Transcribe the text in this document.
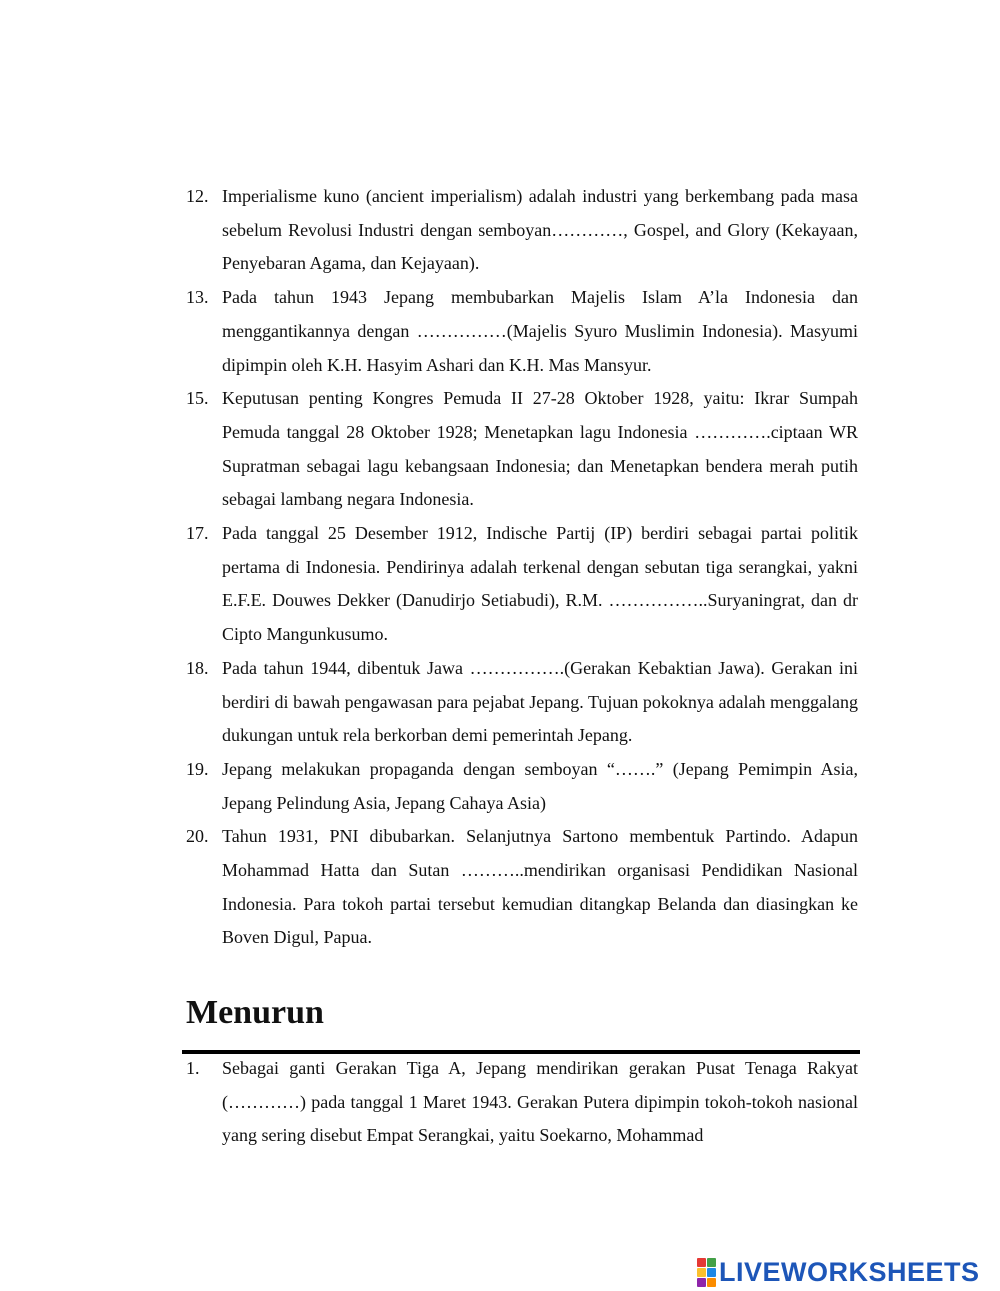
12. Imperialisme kuno (ancient imperialism) adalah industri yang berkembang pada masa sebelum Revolusi Industri dengan semboyan…………, Gospel, and Glory (Kekayaan, Penyebaran Agama, dan Kejayaan).
13. Pada tahun 1943 Jepang membubarkan Majelis Islam A’la Indonesia dan menggantikannya dengan ……………(Majelis Syuro Muslimin Indonesia). Masyumi dipimpin oleh K.H. Hasyim Ashari dan K.H. Mas Mansyur.
15. Keputusan penting Kongres Pemuda II 27-28 Oktober 1928, yaitu: Ikrar Sumpah Pemuda tanggal 28 Oktober 1928; Menetapkan lagu Indonesia ………….ciptaan WR Supratman sebagai lagu kebangsaan Indonesia; dan Menetapkan bendera merah putih sebagai lambang negara Indonesia.
17. Pada tanggal 25 Desember 1912, Indische Partij (IP) berdiri sebagai partai politik pertama di Indonesia. Pendirinya adalah terkenal dengan sebutan tiga serangkai, yakni E.F.E. Douwes Dekker (Danudirjo Setiabudi), R.M. ……………..Suryaningrat, dan dr Cipto Mangunkusumo.
18. Pada tahun 1944, dibentuk Jawa …………….(Gerakan Kebaktian Jawa). Gerakan ini berdiri di bawah pengawasan para pejabat Jepang. Tujuan pokoknya adalah menggalang dukungan untuk rela berkorban demi pemerintah Jepang.
19. Jepang melakukan propaganda dengan semboyan “…….” (Jepang Pemimpin Asia, Jepang Pelindung Asia, Jepang Cahaya Asia)
20. Tahun 1931, PNI dibubarkan. Selanjutnya Sartono membentuk Partindo. Adapun Mohammad Hatta dan Sutan ………..mendirikan organisasi Pendidikan Nasional Indonesia. Para tokoh partai tersebut kemudian ditangkap Belanda dan diasingkan ke Boven Digul, Papua.
Menurun
1.	Sebagai ganti Gerakan Tiga A, Jepang mendirikan gerakan Pusat Tenaga Rakyat (…………) pada tanggal 1 Maret 1943. Gerakan Putera dipimpin tokoh-tokoh nasional yang sering disebut Empat Serangkai, yaitu Soekarno, Mohammad
LIVEWORKSHEETS
